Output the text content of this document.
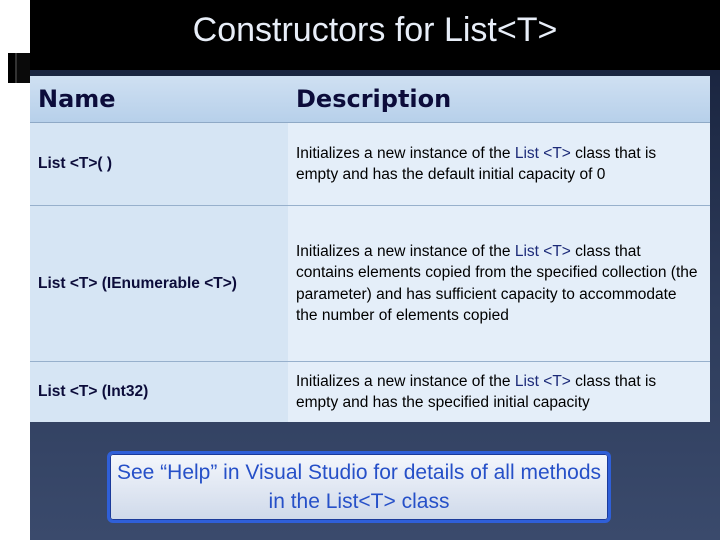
Constructors for List<T>
Name	Description
List <T>( )	Initializes a new instance of the List <T> class that is empty and has the default initial capacity of 0
List <T> (IEnumerable <T>)	Initializes a new instance of the List <T> class that contains elements copied from the specified collection (the parameter) and has sufficient capacity to accommodate the number of elements copied
List <T> (Int32)	Initializes a new instance of the List <T> class that is empty and has the specified initial capacity
See “Help” in Visual Studio for details of all methods in the List<T> class
